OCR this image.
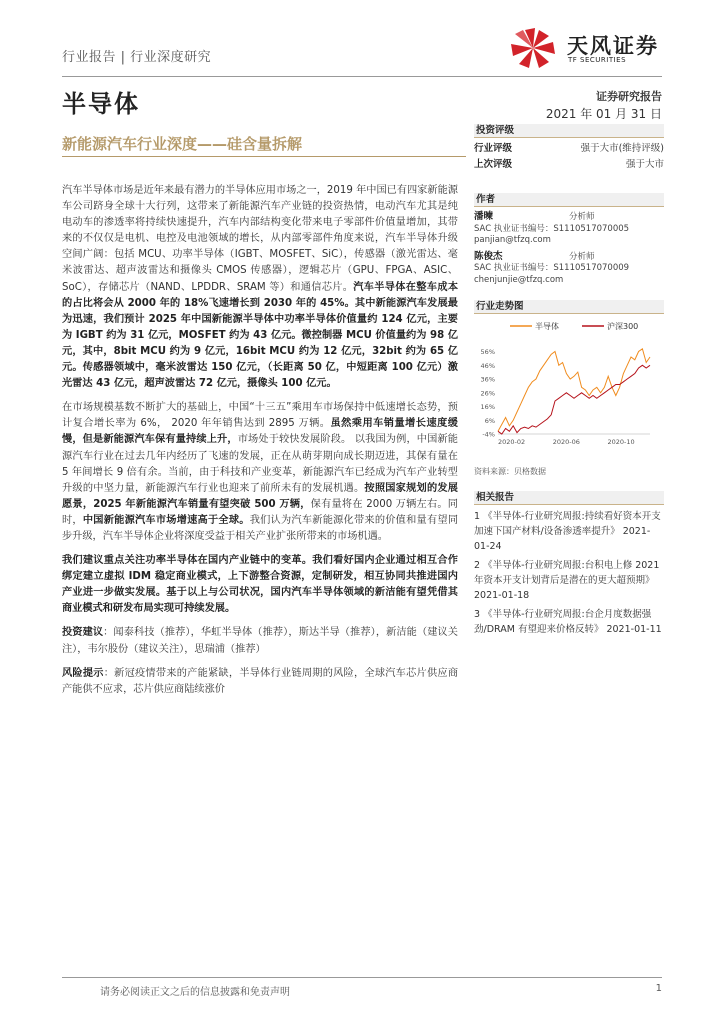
行业报告 | 行业深度研究	天风证券
TF SECURITIES
半导体	证券研究报告
2021 年 01 月 31 日
新能源汽车行业深度——硅含量拆解

汽车半导体市场是近年来最有潜力的半导体应用市场之一，2019 年中国已有四家新能源车公司跻身全球十大行列，这带来了新能源汽车产业链的投资热情，电动汽车尤其是纯电动车的渗透率将持续快速提升，汽车内部结构变化带来电子零部件价值量增加，其带来的不仅仅是电机、电控及电池领域的增长，从内部零部件角度来说，汽车半导体升级空间广阔：包括 MCU、功率半导体（IGBT、MOSFET、SiC），传感器（激光雷达、毫米波雷达、超声波雷达和摄像头 CMOS 传感器），逻辑芯片（GPU、FPGA、ASIC、SoC），存储芯片（NAND、LPDDR、SRAM 等）和通信芯片。汽车半导体在整车成本的占比将会从 2000 年的 18%飞速增长到 2030 年的 45%。其中新能源汽车发展最为迅速，我们预计 2025 年中国新能源半导体中功率半导体价值量约 124 亿元，主要为 IGBT 约为 31 亿元，MOSFET 约为 43 亿元。微控制器 MCU 价值量约为 98 亿元，其中，8bit MCU 约为 9 亿元，16bit MCU 约为 12 亿元，32bit 约为 65 亿元。传感器领域中，毫米波雷达 150 亿元，（长距离 50 亿，中短距离 100 亿元）激光雷达 43 亿元，超声波雷达 72 亿元，摄像头 100 亿元。

在市场规模基数不断扩大的基础上，中国“十三五”乘用车市场保持中低速增长态势，预计复合增长率为 6%， 2020 年年销售达到 2895 万辆。虽然乘用车销量增长速度缓慢，但是新能源汽车保有量持续上升，市场处于较快发展阶段。 以我国为例，中国新能源汽车行业在过去几年内经历了飞速的发展，正在从萌芽期向成长期迈进，其保有量在 5 年间增长 9 倍有余。当前，由于科技和产业变革，新能源汽车已经成为汽车产业转型升级的中坚力量，新能源汽车行业也迎来了前所未有的发展机遇。按照国家规划的发展愿景，2025 年新能源汽车销量有望突破 500 万辆，保有量将在 2000 万辆左右。同时，中国新能源汽车市场增速高于全球。我们认为汽车新能源化带来的价值和量有望同步升级，汽车半导体企业将深度受益于相关产业扩张所带来的市场机遇。

我们建议重点关注功率半导体在国内产业链中的变革。我们看好国内企业通过相互合作绑定建立虚拟 IDM 稳定商业模式，上下游整合资源，定制研发，相互协同共推进国内产业进一步做实发展。基于以上与公司状况，国内汽车半导体领域的新洁能有望凭借其商业模式和研发布局实现可持续发展。

投资建议：闻泰科技（推荐），华虹半导体（推荐），斯达半导（推荐），新洁能（建议关注），韦尔股份（建议关注），思瑞浦（推荐）

风险提示：新冠疫情带来的产能紧缺，半导体行业链周期的风险，全球汽车芯片供应商产能供不应求，芯片供应商陆续涨价

投资评级
行业评级	强于大市(维持评级)
上次评级	强于大市
作者
潘暕	分析师
SAC 执业证书编号：S1110517070005
panjian@tfzq.com
陈俊杰	分析师
SAC 执业证书编号：S1110517070009
chenjunjie@tfzq.com
行业走势图
半导体	沪深300
-4%
6%
16%
26%
36%
46%
56%
2020-02	2020-06	2020-10
资料来源：贝格数据
相关报告
1 《半导体-行业研究周报:持续看好资本开支加速下国产材料/设备渗透率提升》 2021-01-24
2 《半导体-行业研究周报:台积电上修 2021 年资本开支计划背后是潜在的更大超预期》 2021-01-18
3 《半导体-行业研究周报:台企月度数据强劲/DRAM 有望迎来价格反转》 2021-01-11
请务必阅读正文之后的信息披露和免责声明	1
